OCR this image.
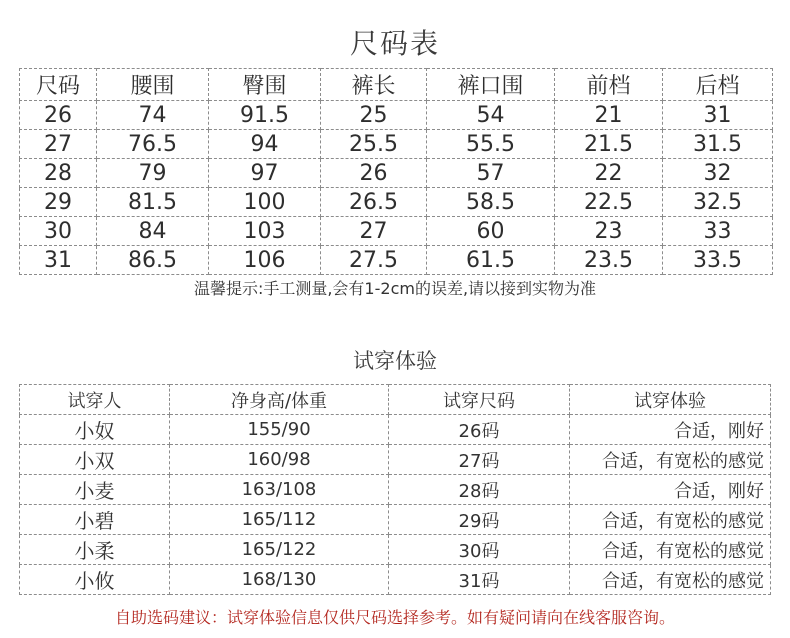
尺码表
尺码	腰围	臀围	裤长	裤口围	前档	后档
26	74	91.5	25	54	21	31
27	76.5	94	25.5	55.5	21.5	31.5
28	79	97	26	57	22	32
29	81.5	100	26.5	58.5	22.5	32.5
30	84	103	27	60	23	33
31	86.5	106	27.5	61.5	23.5	33.5
温馨提示:手工测量,会有1-2cm的误差,请以接到实物为准
试穿体验
试穿人	净身高/体重	试穿尺码	试穿体验
小奴	155/90	26码	合适，刚好
小双	160/98	27码	合适，有宽松的感觉
小麦	163/108	28码	合适，刚好
小碧	165/112	29码	合适，有宽松的感觉
小柔	165/122	30码	合适，有宽松的感觉
小攸	168/130	31码	合适，有宽松的感觉
自助选码建议：试穿体验信息仅供尺码选择参考。如有疑问请向在线客服咨询。
